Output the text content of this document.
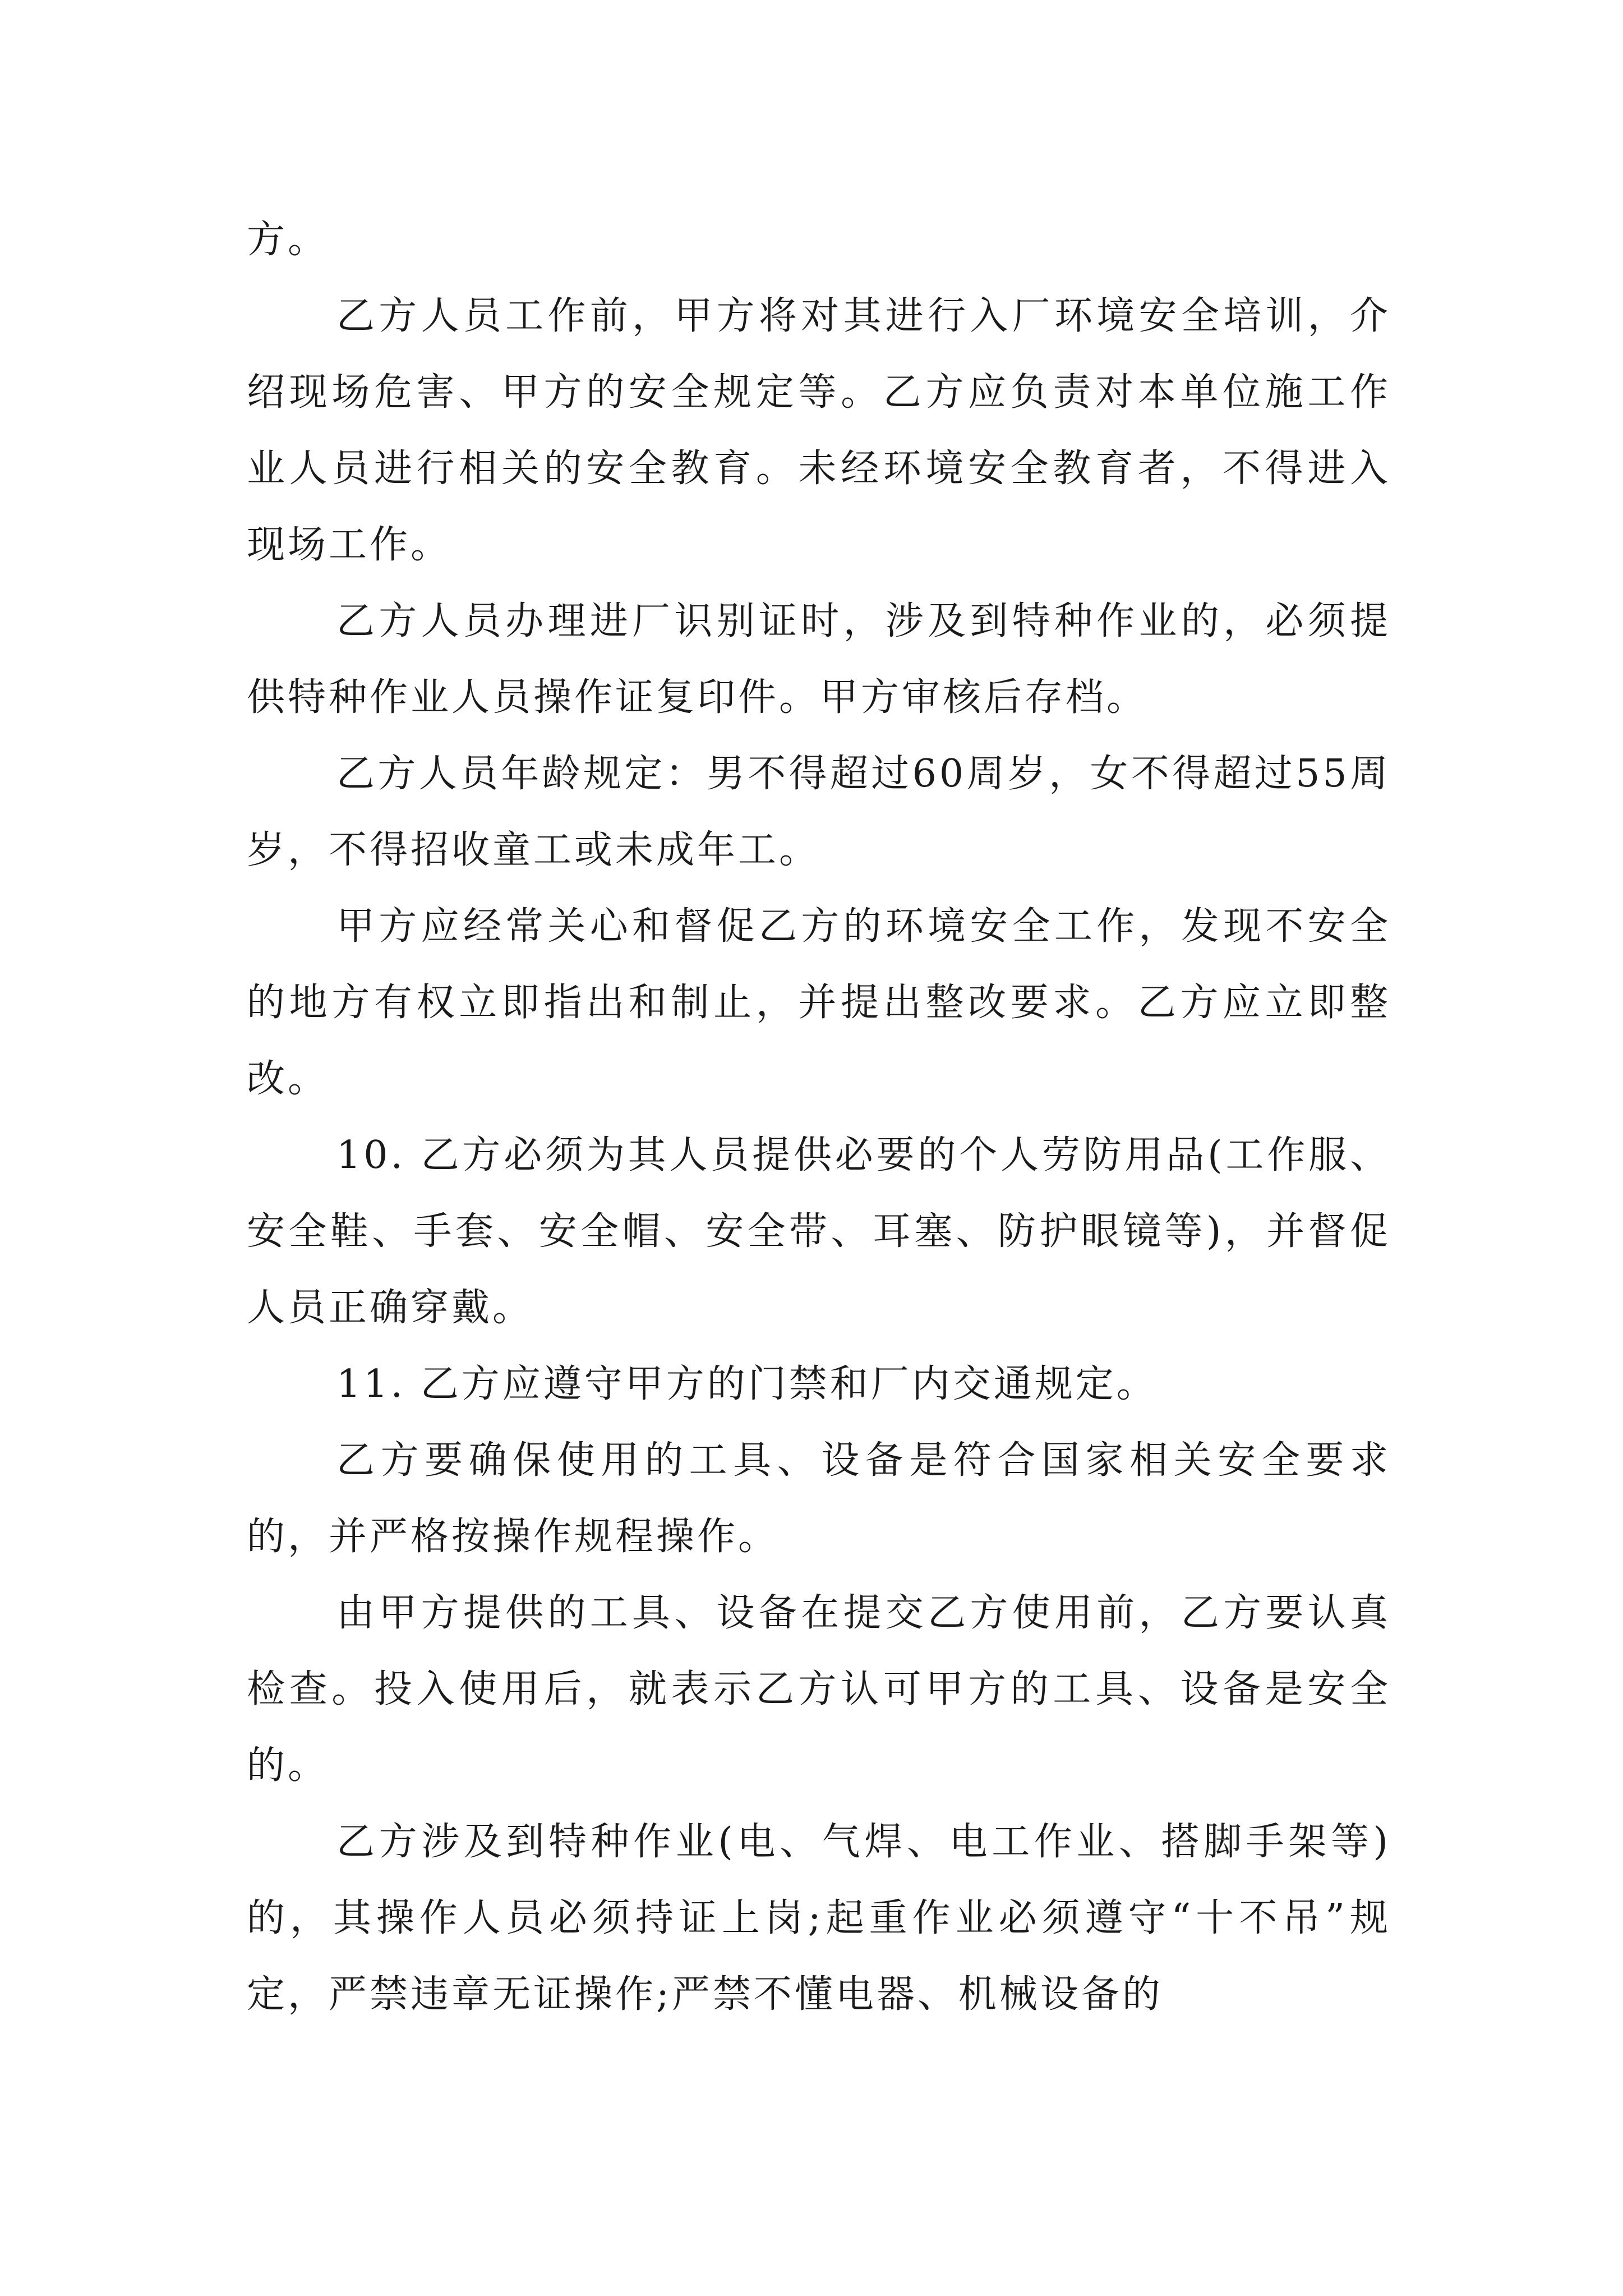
方。

乙方人员工作前，甲方将对其进行入厂环境安全培训，介绍现场危害、甲方的安全规定等。乙方应负责对本单位施工作业人员进行相关的安全教育。未经环境安全教育者，不得进入现场工作。

乙方人员办理进厂识别证时，涉及到特种作业的，必须提供特种作业人员操作证复印件。甲方审核后存档。

乙方人员年龄规定：男不得超过60周岁，女不得超过55周岁，不得招收童工或未成年工。

甲方应经常关心和督促乙方的环境安全工作，发现不安全的地方有权立即指出和制止，并提出整改要求。乙方应立即整改。

10. 乙方必须为其人员提供必要的个人劳防用品(工作服、安全鞋、手套、安全帽、安全带、耳塞、防护眼镜等)，并督促人员正确穿戴。

11. 乙方应遵守甲方的门禁和厂内交通规定。

乙方要确保使用的工具、设备是符合国家相关安全要求的，并严格按操作规程操作。

由甲方提供的工具、设备在提交乙方使用前，乙方要认真检查。投入使用后，就表示乙方认可甲方的工具、设备是安全的。

乙方涉及到特种作业(电、气焊、电工作业、搭脚手架等)的，其操作人员必须持证上岗;起重作业必须遵守“十不吊”规定，严禁违章无证操作;严禁不懂电器、机械设备的
